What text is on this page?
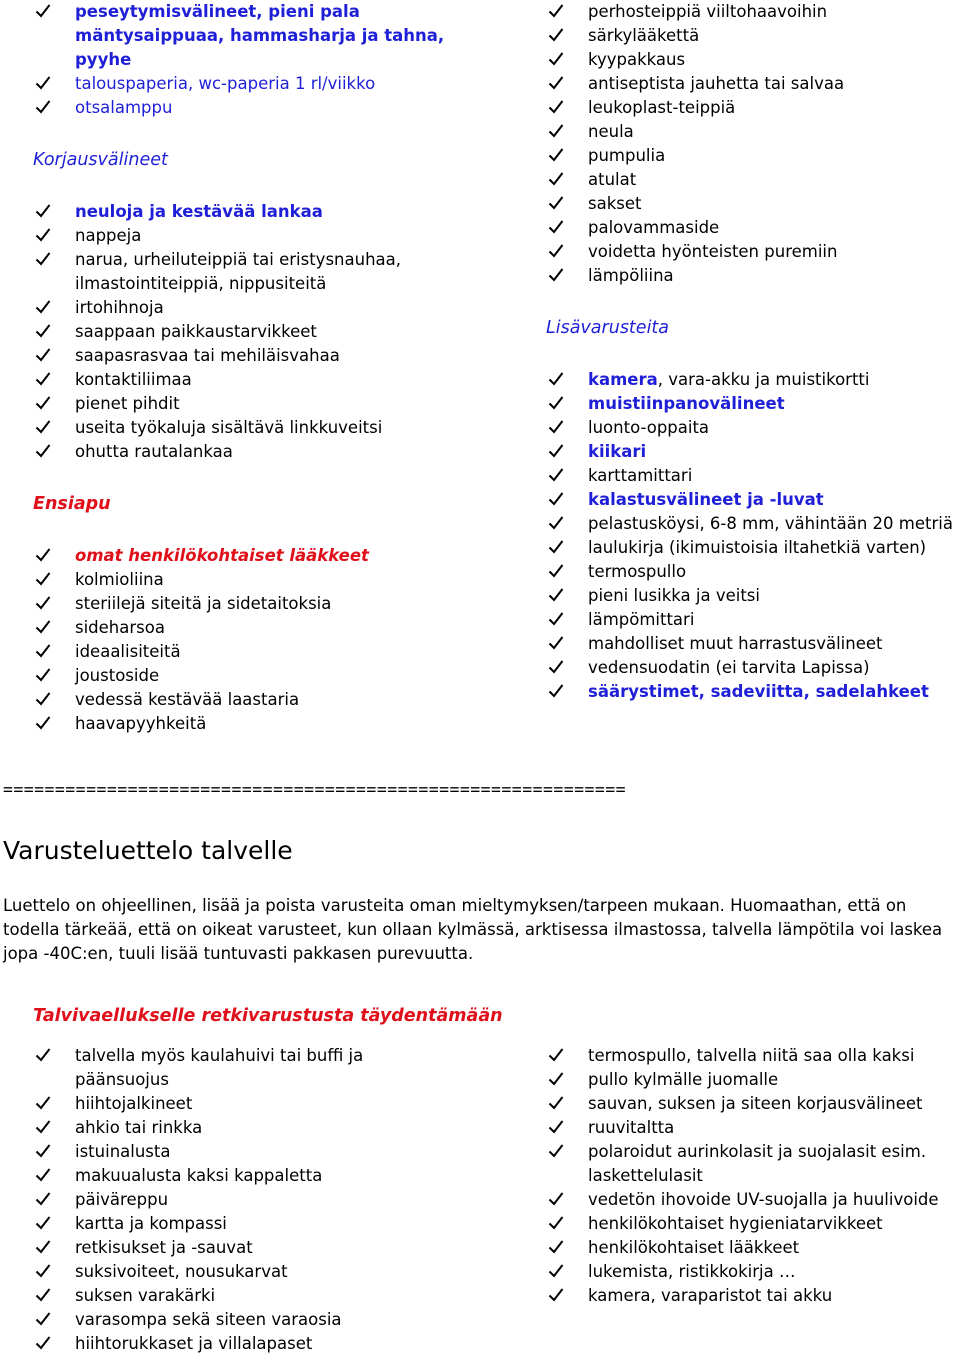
peseytymisvälineet, pieni pala mäntysaippuaa, hammasharja ja tahna, pyyhe
talouspaperia, wc-paperia 1 rl/viikko
otsalamppu
Korjausvälineet
neuloja ja kestävää lankaa
nappeja
narua, urheiluteippiä tai eristysnauhaa, ilmastointiteippiä, nippusiteitä
irtohihnoja
saappaan paikkaustarvikkeet
saapasrasvaa tai mehiläisvahaa
kontaktiliimaa
pienet pihdit
useita työkaluja sisältävä linkkuveitsi
ohutta rautalankaa
Ensiapu
omat henkilökohtaiset lääkkeet
kolmioliina
steriilejä siteitä ja sidetaitoksia
sideharsoa
ideaalisiteitä
joustoside
vedessä kestävää laastaria
haavapyyhkeitä
perhosteippiä viiltohaavoihin
särkylääkettä
kyypakkaus
antiseptista jauhetta tai salvaa
leukoplast-teippiä
neula
pumpulia
atulat
sakset
palovammaside
voidetta hyönteisten puremiin
lämpöliina
Lisävarusteita
kamera, vara-akku ja muistikortti
muistiinpanovälineet
luonto-oppaita
kiikari
karttamittari
kalastusvälineet ja -luvat
pelastusköysi, 6-8 mm, vähintään 20 metriä
laulukirja (ikimuistoisia iltahetkiä varten)
termospullo
pieni lusikka ja veitsi
lämpömittari
mahdolliset muut harrastusvälineet
vedensuodatin (ei tarvita Lapissa)
säärystimet, sadeviitta, sadelahkeet
============================================================
Varusteluettelo talvelle
Luettelo on ohjeellinen, lisää ja poista varusteita oman mieltymyksen/tarpeen mukaan. Huomaathan, että on todella tärkeää, että on oikeat varusteet, kun ollaan kylmässä, arktisessa ilmastossa, talvella lämpötila voi laskea jopa -40C:en, tuuli lisää tuntuvasti pakkasen purevuutta.
Talvivaellukselle retkivarustusta täydentämään
talvella myös kaulahuivi tai buffi ja päänsuojus
hiihtojalkineet
ahkio tai rinkka
istuinalusta
makuualusta kaksi kappaletta
päiväreppu
kartta ja kompassi
retkisukset ja -sauvat
suksivoiteet, nousukarvat
suksen varakärki
varasompa sekä siteen varaosia
hiihtorukkaset ja villalapaset
termospullo, talvella niitä saa olla kaksi
pullo kylmälle juomalle
sauvan, suksen ja siteen korjausvälineet
ruuvitaltta
polaroidut aurinkolasit ja suojalasit esim. laskettelulasit
vedetön ihovoide UV-suojalla ja huulivoide
henkilökohtaiset hygieniatarvikkeet
henkilökohtaiset lääkkeet
lukemista, ristikkokirja …
kamera, varaparistot tai akku
